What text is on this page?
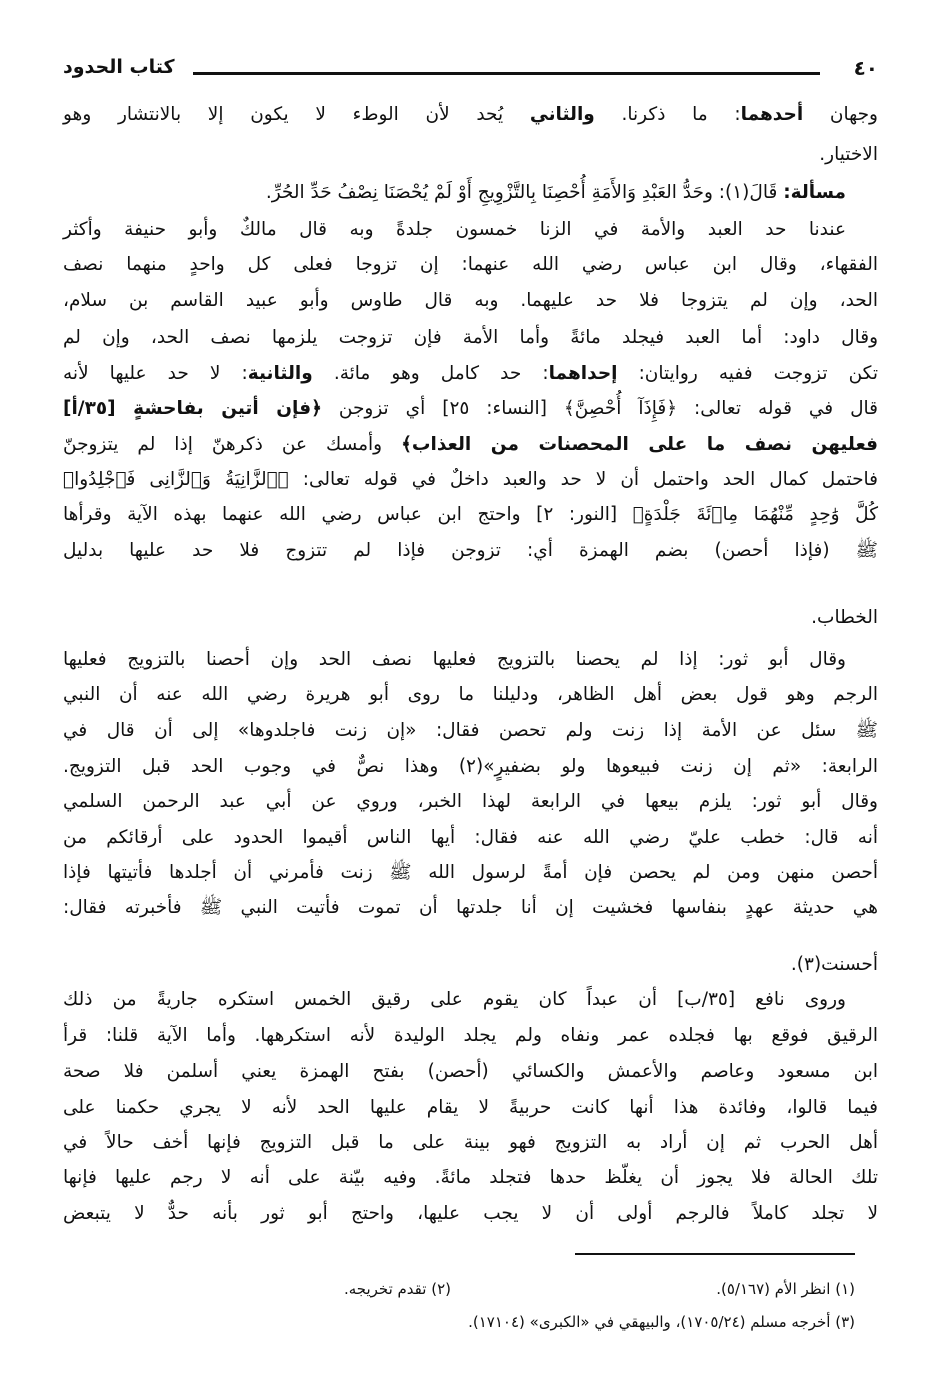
٤٠
كتاب الحدود
وجهان أحدهما: ما ذكرنا. والثاني يُحد لأن الوطء لا يكون إلا بالانتشار وهو
الاختيار.
مسألة: قَالَ(١): وحَدُّ العَبْدِ وَالأَمَةِ أُحْصِنَا بِالتَّزْوِيجِ أَوْ لَمْ يُحْصَنَا نِصْفُ حَدِّ الحُرِّ.
عندنا حد العبد والأمة في الزنا خمسون جلدةً وبه قال مالكٌ وأبو حنيفة وأكثر
الفقهاء، وقال ابن عباس رضي الله عنهما: إن تزوجا فعلى كل واحدٍ منهما نصف
الحد، وإن لم يتزوجا فلا حد عليهما. وبه قال طاوس وأبو عبيد القاسم بن سلام،
وقال داود: أما العبد فيجلد مائةً وأما الأمة فإن تزوجت يلزمها نصف الحد، وإن لم
تكن تزوجت ففيه روايتان: إحداهما: حد كامل وهو مائة. والثانية: لا حد عليها لأنه
قال في قوله تعالى: ﴿فَإِذَآ أُحْصِنَّ﴾ [النساء: ٢٥] أي تزوجن ﴿فإن أتين بفاحشةٍ [٣٥/أ]
فعليهن نصف ما على المحصنات من العذاب﴾ وأمسك عن ذكرهنّ إذا لم يتزوجنّ
فاحتمل كمال الحد واحتمل أن لا حد والعبد داخلٌ في قوله تعالى: ﴿ٱلزَّانِيَةُ وَٱلزَّانِى فَٱجْلِدُوا۟
كُلَّ وَٰحِدٍ مِّنْهُمَا مِا۟ئَةَ جَلْدَةٍ﴾ [النور: ٢] واحتج ابن عباس رضي الله عنهما بهذه الآية وقرأها
ﷺ (فإذا أحصن) بضم الهمزة أي: تزوجن فإذا لم تتزوج فلا حد عليها بدليل
الخطاب.
وقال أبو ثور: إذا لم يحصنا بالتزويج فعليها نصف الحد وإن أحصنا بالتزويج فعليها
الرجم وهو قول بعض أهل الظاهر، ودليلنا ما روى أبو هريرة رضي الله عنه أن النبي
ﷺ سئل عن الأمة إذا زنت ولم تحصن فقال: «إن زنت فاجلدوها» إلى أن قال في
الرابعة: «ثم إن زنت فبيعوها ولو بضفيرٍ»(٢) وهذا نصٌّ في وجوب الحد قبل التزويج.
وقال أبو ثور: يلزم بيعها في الرابعة لهذا الخبر، وروي عن أبي عبد الرحمن السلمي
أنه قال: خطب عليّ رضي الله عنه فقال: أيها الناس أقيموا الحدود على أرقائكم من
أحصن منهن ومن لم يحصن فإن أمةً لرسول الله ﷺ زنت فأمرني أن أجلدها فأتيتها فإذا
هي حديثة عهدٍ بنفاسها فخشيت إن أنا جلدتها أن تموت فأتيت النبي ﷺ فأخبرته فقال:
أحسنت(٣).
وروى نافع [٣٥/ب] أن عبداً كان يقوم على رقيق الخمس استكره جاريةً من ذلك
الرقيق فوقع بها فجلده عمر ونفاه ولم يجلد الوليدة لأنه استكرهها. وأما الآية قلنا: قرأ
ابن مسعود وعاصم والأعمش والكسائي (أحصن) بفتح الهمزة يعني أسلمن فلا صحة
فيما قالوا، وفائدة هذا أنها كانت حربيةً لا يقام عليها الحد لأنه لا يجري حكمنا على
أهل الحرب ثم إن أراد به التزويج فهو بينة على ما قبل التزويج فإنها أخف حالاً في
تلك الحالة فلا يجوز أن يغلّظ حدها فتجلد مائةً. وفيه بيّنة على أنه لا رجم عليها فإنها
لا تجلد كاملاً فالرجم أولى أن لا يجب عليها، واحتج أبو ثور بأنه حدٌّ لا يتبعض
(١) انظر الأم (٥/١٦٧).
(٢) تقدم تخريجه.
(٣) أخرجه مسلم (١٧٠٥/٢٤)، والبيهقي في «الكبرى» (١٧١٠٤).
